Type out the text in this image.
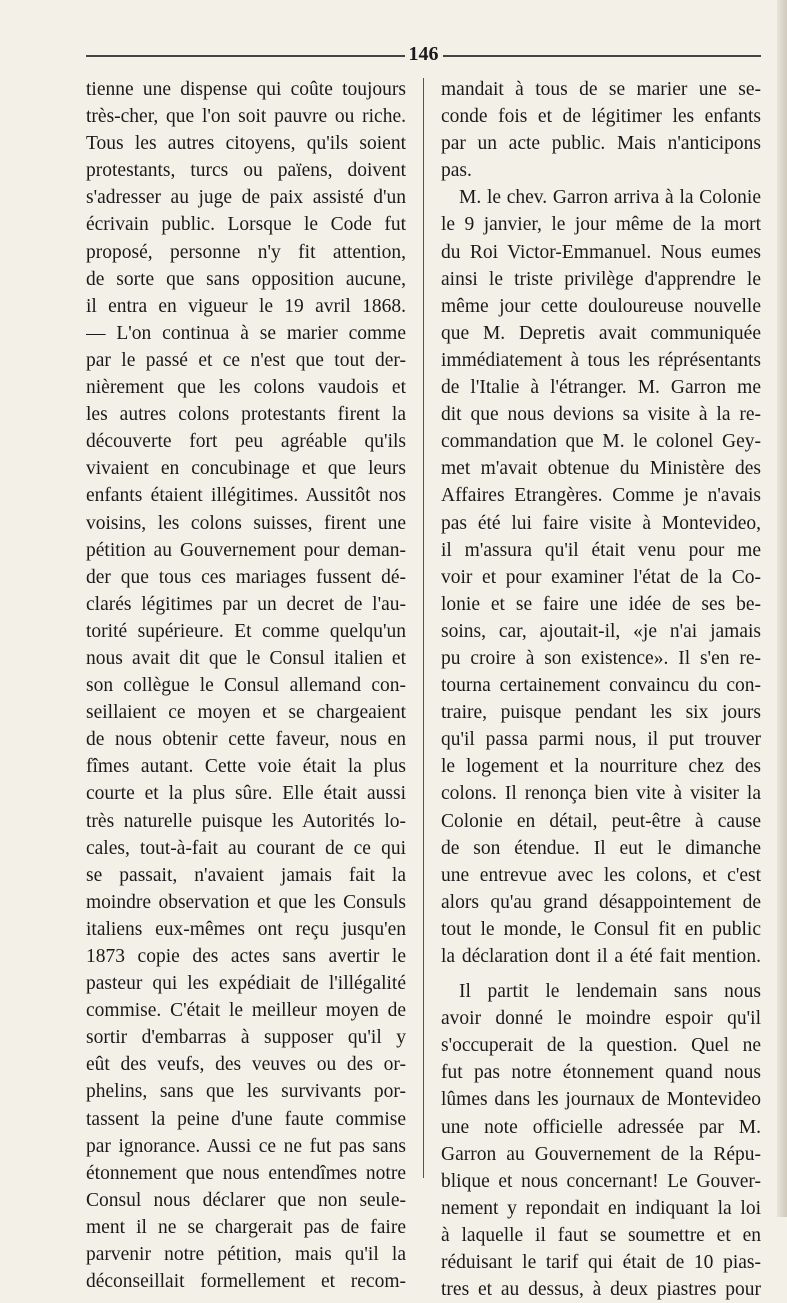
146
tienne une dispense qui coûte toujours
très-cher, que l'on soit pauvre ou riche.
Tous les autres citoyens, qu'ils soient
protestants, turcs ou païens, doivent
s'adresser au juge de paix assisté d'un
écrivain public. Lorsque le Code fut
proposé, personne n'y fit attention,
de sorte que sans opposition aucune,
il entra en vigueur le 19 avril 1868.
— L'on continua à se marier comme
par le passé et ce n'est que tout der-
nièrement que les colons vaudois et
les autres colons protestants firent la
découverte fort peu agréable qu'ils
vivaient en concubinage et que leurs
enfants étaient illégitimes. Aussitôt nos
voisins, les colons suisses, firent une
pétition au Gouvernement pour deman-
der que tous ces mariages fussent dé-
clarés légitimes par un decret de l'au-
torité supérieure. Et comme quelqu'un
nous avait dit que le Consul italien et
son collègue le Consul allemand con-
seillaient ce moyen et se chargeaient
de nous obtenir cette faveur, nous en
fîmes autant. Cette voie était la plus
courte et la plus sûre. Elle était aussi
très naturelle puisque les Autorités lo-
cales, tout-à-fait au courant de ce qui
se passait, n'avaient jamais fait la
moindre observation et que les Consuls
italiens eux-mêmes ont reçu jusqu'en
1873 copie des actes sans avertir le
pasteur qui les expédiait de l'illégalité
commise. C'était le meilleur moyen de
sortir d'embarras à supposer qu'il y
eût des veufs, des veuves ou des or-
phelins, sans que les survivants por-
tassent la peine d'une faute commise
par ignorance. Aussi ce ne fut pas sans
étonnement que nous entendîmes notre
Consul nous déclarer que non seule-
ment il ne se chargerait pas de faire
parvenir notre pétition, mais qu'il la
déconseillait formellement et recom-
mandait à tous de se marier une se-
conde fois et de légitimer les enfants
par un acte public. Mais n'anticipons
pas.
M. le chev. Garron arriva à la Colonie
le 9 janvier, le jour même de la mort
du Roi Victor-Emmanuel. Nous eumes
ainsi le triste privilège d'apprendre le
même jour cette douloureuse nouvelle
que M. Depretis avait communiquée
immédiatement à tous les réprésentants
de l'Italie à l'étranger. M. Garron me
dit que nous devions sa visite à la re-
commandation que M. le colonel Gey-
met m'avait obtenue du Ministère des
Affaires Etrangères. Comme je n'avais
pas été lui faire visite à Montevideo,
il m'assura qu'il était venu pour me
voir et pour examiner l'état de la Co-
lonie et se faire une idée de ses be-
soins, car, ajoutait-il, «je n'ai jamais
pu croire à son existence». Il s'en re-
tourna certainement convaincu du con-
traire, puisque pendant les six jours
qu'il passa parmi nous, il put trouver
le logement et la nourriture chez des
colons. Il renonça bien vite à visiter la
Colonie en détail, peut-être à cause
de son étendue. Il eut le dimanche
une entrevue avec les colons, et c'est
alors qu'au grand désappointement de
tout le monde, le Consul fit en public
la déclaration dont il a été fait mention.
Il partit le lendemain sans nous
avoir donné le moindre espoir qu'il
s'occuperait de la question. Quel ne
fut pas notre étonnement quand nous
lûmes dans les journaux de Montevideo
une note officielle adressée par M.
Garron au Gouvernement de la Répu-
blique et nous concernant! Le Gouver-
nement y repondait en indiquant la loi
à laquelle il faut se soumettre et en
réduisant le tarif qui était de 10 pias-
tres et au dessus, à deux piastres pour
